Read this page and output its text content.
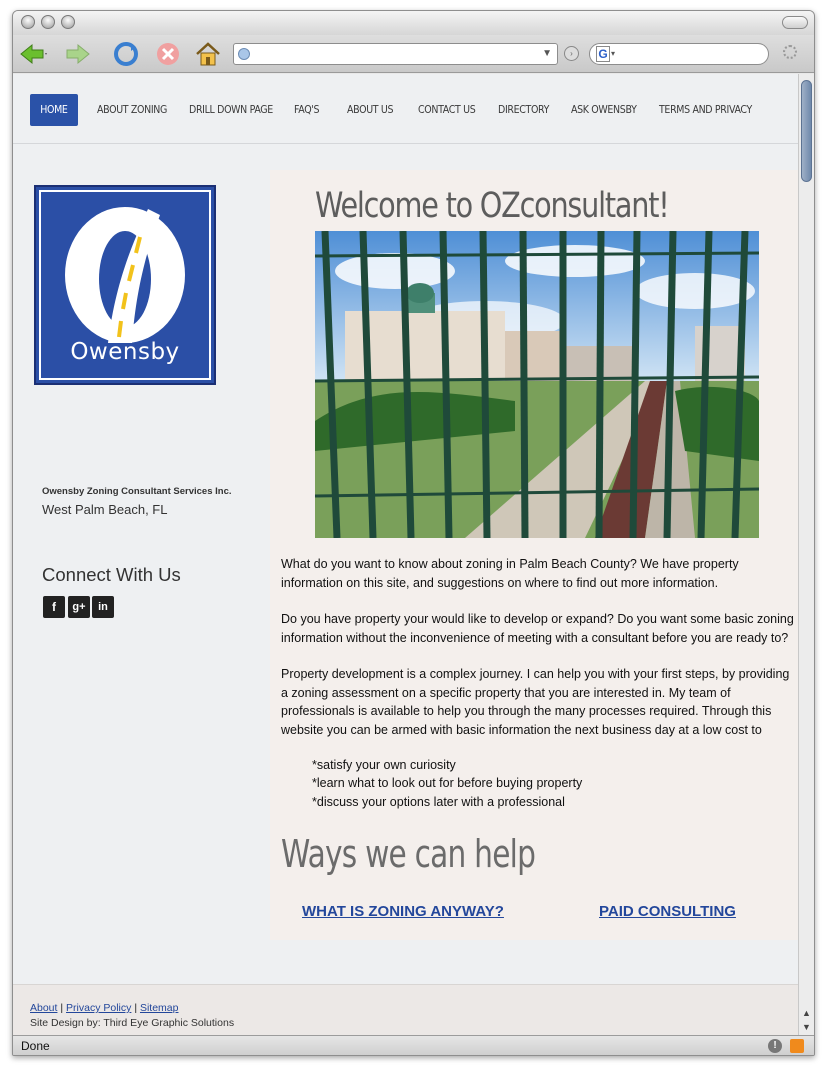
▼	›	G ▾
HOME	ABOUT ZONING DRILL DOWN PAGE FAQ'S	ABOUT US CONTACT US DIRECTORY ASK OWENSBY TERMS AND PRIVACY
Owensby
Owensby Zoning Consultant Services Inc.
West Palm Beach, FL
Connect With Us
f	g+	in
Welcome to OZconsultant!
What do you want to know about zoning in Palm Beach County? We have property information on this site, and suggestions on where to find out more information.
Do you have property your would like to develop or expand? Do you want some basic zoning information without the inconvenience of meeting with a consultant before you are ready to?
Property development is a complex journey. I can help you with your first steps, by providing a zoning assessment on a specific property that you are interested in. My team of professionals is available to help you through the many processes required. Through this website you can be armed with basic information the next business day at a low cost to
*satisfy your own curiosity
*learn what to look out for before buying property
*discuss your options later with a professional
Ways we can help
WHAT IS ZONING ANYWAY?	PAID CONSULTING
About | Privacy Policy | Sitemap
Site Design by: Third Eye Graphic Solutions
▲
▼
Done	!
